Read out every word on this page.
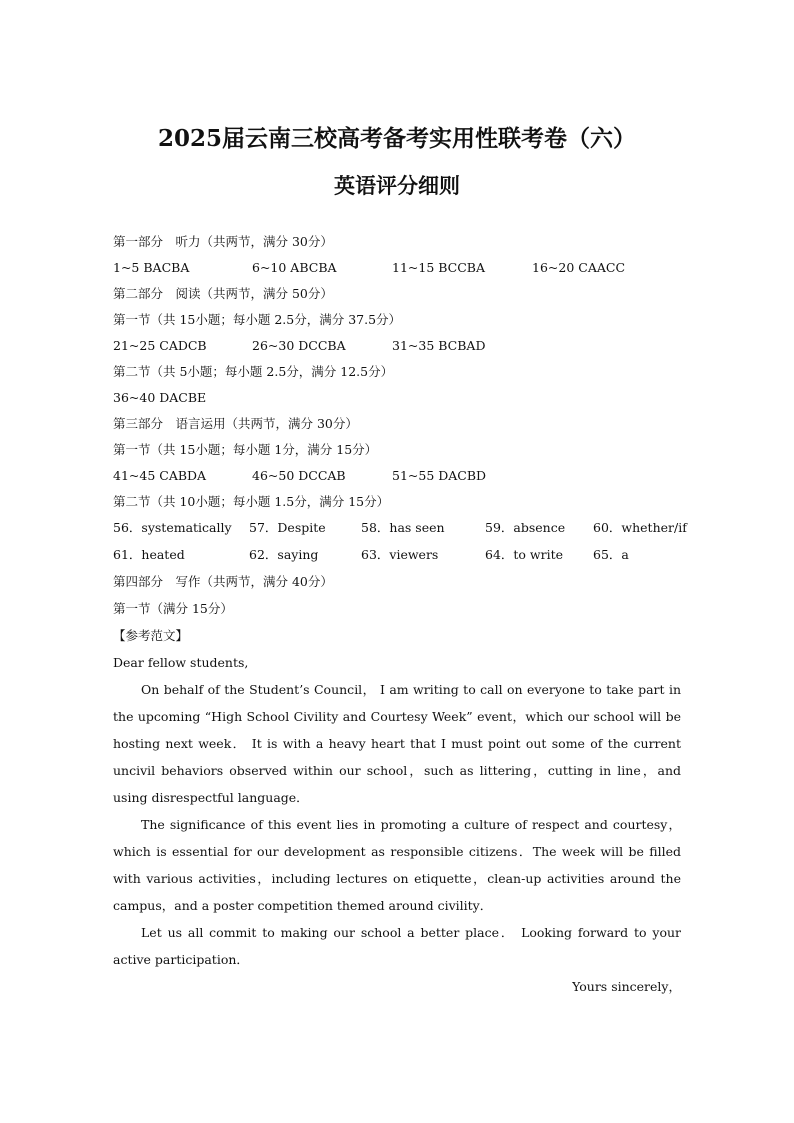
2025届云南三校高考备考实用性联考卷（六）
英语评分细则
第一部分　听力（共两节，满分 30分）
1~5 BACBA	6~10 ABCBA	11~15 BCCBA	16~20 CAACC
第二部分　阅读（共两节，满分 50分）
第一节（共 15小题；每小题 2.5分，满分 37.5分）
21~25 CADCB	26~30 DCCBA	31~35 BCBAD
第二节（共 5小题；每小题 2.5分，满分 12.5分）
36~40 DACBE
第三部分　语言运用（共两节，满分 30分）
第一节（共 15小题；每小题 1分，满分 15分）
41~45 CABDA	46~50 DCCAB	51~55 DACBD
第二节（共 10小题；每小题 1.5分，满分 15分）
56．systematically 57．Despite	58．has seen	59．absence 60．whether/if
61．heated	62．saying	63．viewers	64．to write 65．a
第四部分　写作（共两节，满分 40分）
第一节（满分 15分）
【参考范文】
Dear fellow students,

On behalf of the Student’s Council， I am writing to call on everyone to take part in the upcoming “High School Civility and Courtesy Week” event，which our school will be hosting next week． It is with a heavy heart that I must point out some of the current uncivil behaviors observed within our school，such as littering，cutting in line，and using disrespectful language．

The significance of this event lies in promoting a culture of respect and courtesy，which is essential for our development as responsible citizens．The week will be filled with various activities，including lectures on etiquette，clean-up activities around the campus，and a poster competition themed around civility．

Let us all commit to making our school a better place． Looking forward to your active participation．

Yours sincerely，
